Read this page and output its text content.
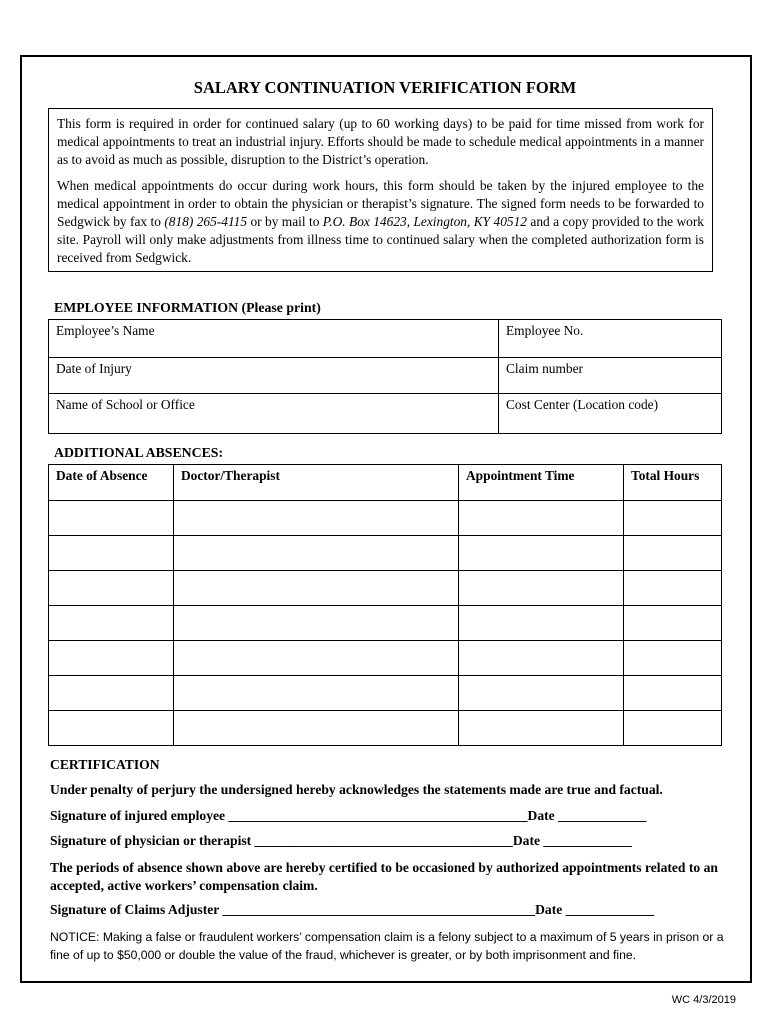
SALARY CONTINUATION VERIFICATION FORM

This form is required in order for continued salary (up to 60 working days) to be paid for time missed from work for medical appointments to treat an industrial injury. Efforts should be made to schedule medical appointments in a manner as to avoid as much as possible, disruption to the District’s operation.

When medical appointments do occur during work hours, this form should be taken by the injured employee to the medical appointment in order to obtain the physician or therapist’s signature. The signed form needs to be forwarded to Sedgwick by fax to (818) 265-4115 or by mail to P.O. Box 14623, Lexington, KY 40512 and a copy provided to the work site. Payroll will only make adjustments from illness time to continued salary when the completed authorization form is received from Sedgwick.

EMPLOYEE INFORMATION (Please print)
Employee’s Name	Employee No.
Date of Injury	Claim number
Name of School or Office	Cost Center (Location code)
ADDITIONAL ABSENCES:
Date of Absence	Doctor/Therapist	Appointment Time	Total Hours

CERTIFICATION
Under penalty of perjury the undersigned hereby acknowledges the statements made are true and factual.
Signature of injured employee ____________________________________________Date _____________
Signature of physician or therapist ______________________________________Date _____________
The periods of absence shown above are hereby certified to be occasioned by authorized appointments related to an accepted, active workers’ compensation claim.
Signature of Claims Adjuster ______________________________________________Date _____________
NOTICE: Making a false or fraudulent workers’ compensation claim is a felony subject to a maximum of 5 years in prison or a fine of up to $50,000 or double the value of the fraud, whichever is greater, or by both imprisonment and fine.
WC 4/3/2019
